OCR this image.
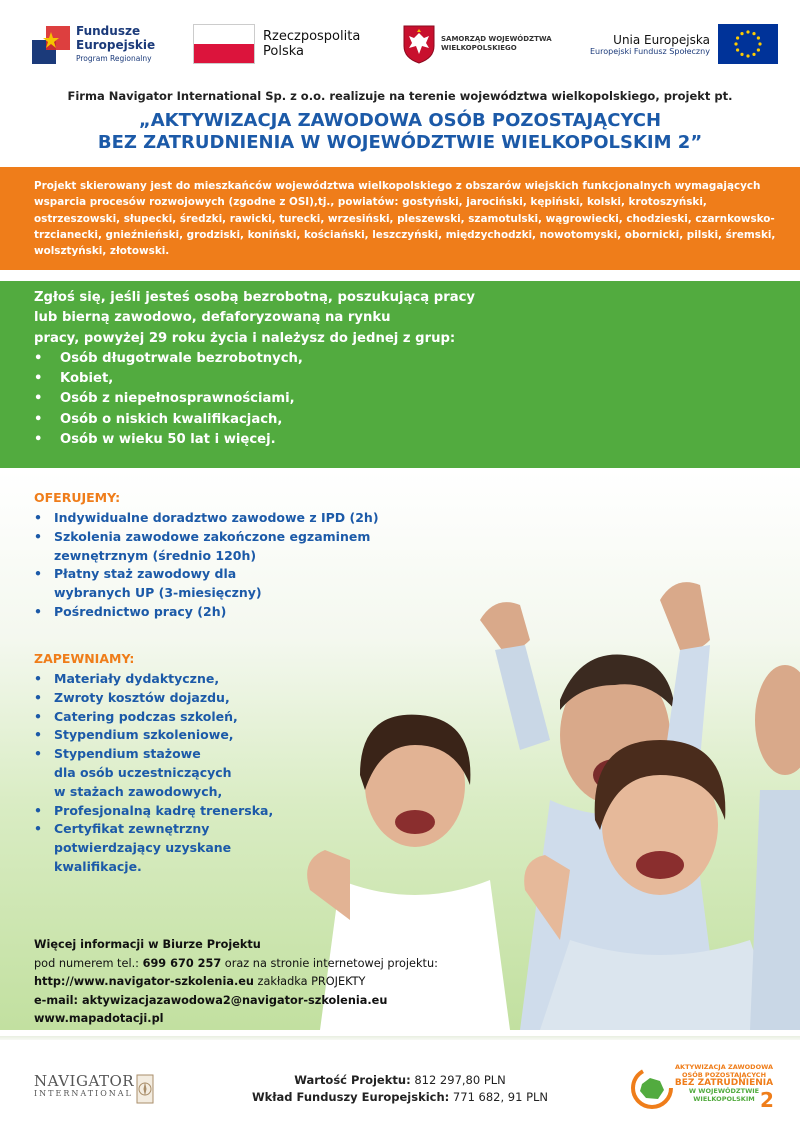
Fundusze
Europejskie
Program Regionalny
Rzeczpospolita
Polska
SAMORZĄD WOJEWÓDZTWA
WIELKOPOLSKIEGO
Unia Europejska
Europejski Fundusz Społeczny
Firma Navigator International Sp. z o.o. realizuje na terenie województwa wielkopolskiego, projekt pt.
„AKTYWIZACJA ZAWODOWA OSÓB POZOSTAJĄCYCH
BEZ ZATRUDNIENIA W WOJEWÓDZTWIE WIELKOPOLSKIM 2”

Projekt skierowany jest do mieszkańców województwa wielkopolskiego z obszarów wiejskich funkcjonalnych wymagających wsparcia procesów rozwojowych (zgodne z OSI),tj., powiatów: gostyński, jarociński, kępiński, kolski, krotoszyński, ostrzeszowski, słupecki, średzki, rawicki, turecki, wrzesiński, pleszewski, szamotulski, wągrowiecki, chodzieski, czarnkowsko-trzcianecki, gnieźnieński, grodziski, koniński, kościański, leszczyński, międzychodzki, nowotomyski, obornicki, pilski, śremski, wolsztyński, złotowski.

Zgłoś się, jeśli jesteś osobą bezrobotną, poszukującą pracy

lub bierną zawodowo, defaforyzowaną na rynku

pracy, powyżej 29 roku życia i należysz do jednej z grup:

• Osób długotrwale bezrobotnych,
• Kobiet,
• Osób z niepełnosprawnościami,
• Osób o niskich kwalifikacjach,
• Osób w wieku 50 lat i więcej.
OFERUJEMY:
• Indywidualne doradztwo zawodowe z IPD (2h)
• Szkolenia zawodowe zakończone egzaminem
zewnętrznym (średnio 120h)
• Płatny staż zawodowy dla
wybranych UP (3-miesięczny)
• Pośrednictwo pracy (2h)
ZAPEWNIAMY:
• Materiały dydaktyczne,
• Zwroty kosztów dojazdu,
• Catering podczas szkoleń,
• Stypendium szkoleniowe,
• Stypendium stażowe
dla osób uczestniczących
w stażach zawodowych,
• Profesjonalną kadrę trenerska,
• Certyfikat zewnętrzny
potwierdzający uzyskane
kwalifikacje.
Więcej informacji w Biurze Projektu
pod numerem tel.: 699 670 257 oraz na stronie internetowej projektu:
http://www.navigator-szkolenia.eu zakładka PROJEKTY
e-mail: aktywizacjazawodowa2@navigator-szkolenia.eu
www.mapadotacji.pl
NAVIGATOR
INTERNATIONAL
Wartość Projektu: 812 297,80 PLN
Wkład Funduszy Europejskich: 771 682, 91 PLN
AKTYWIZACJA ZAWODOWA
OSÓB POZOSTAJĄCYCH
BEZ ZATRUDNIENIA
W WOJEWÓDZTWIE
WIELKOPOLSKIM 2
